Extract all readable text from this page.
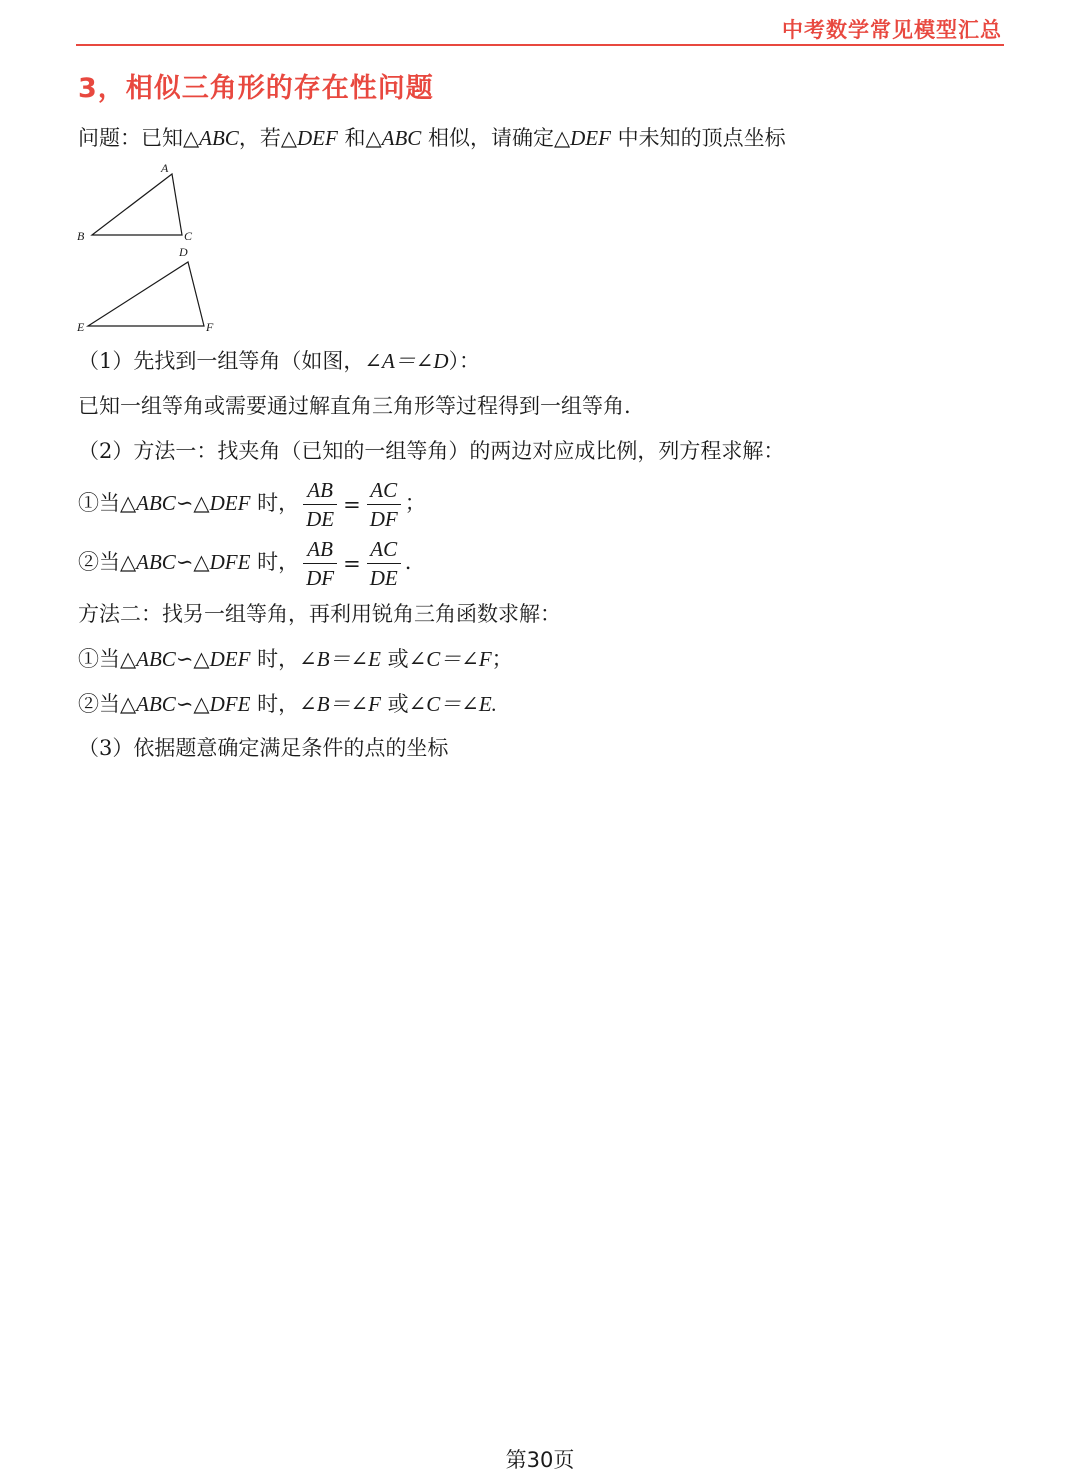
中考数学常见模型汇总
3，相似三角形的存在性问题
问题：已知△ABC，若△DEF 和△ABC 相似，请确定△DEF 中未知的顶点坐标
A
B	C
D
E	F
（1）先找到一组等角（如图，∠A＝∠D）：
已知一组等角或需要通过解直角三角形等过程得到一组等角.
（2）方法一：找夹角（已知的一组等角）的两边对应成比例，列方程求解：
①当△ABC∽△DEF 时， $\frac{AB}{DE} = \frac{AC}{DF}$ ；
②当△ABC∽△DFE 时， $\frac{AB}{DF} = \frac{AC}{DE}$ .
方法二：找另一组等角，再利用锐角三角函数求解：
①当△ABC∽△DEF 时，∠B＝∠E 或∠C＝∠F；
②当△ABC∽△DFE 时，∠B＝∠F 或∠C＝∠E.
（3）依据题意确定满足条件的点的坐标
第30页
